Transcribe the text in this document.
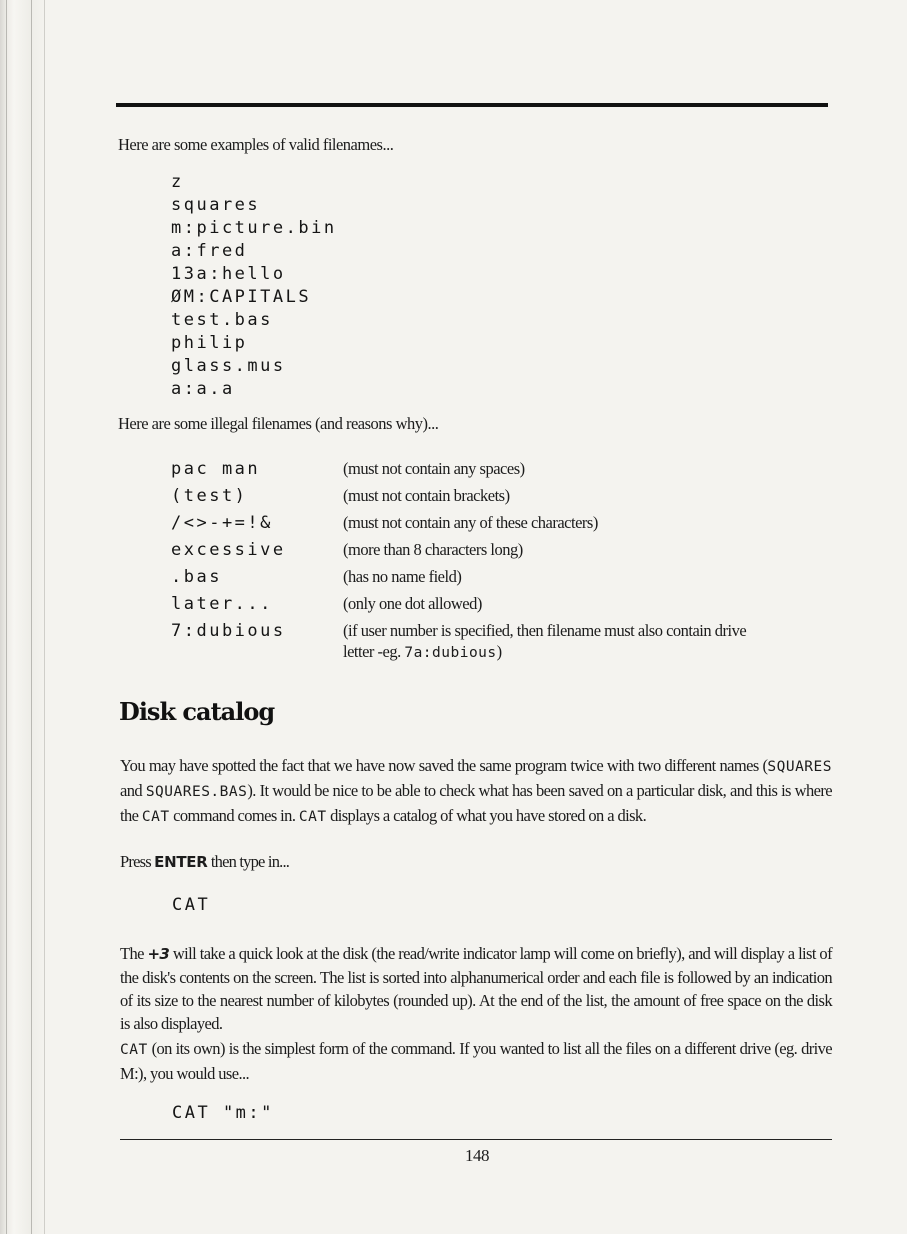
Here are some examples of valid filenames...
z
squares
m:picture.bin
a:fred
13a:hello
ØM:CAPITALS
test.bas
philip
glass.mus
a:a.a
Here are some illegal filenames (and reasons why)...
pac man	(must not contain any spaces)
(test)	(must not contain brackets)
/<>-+=!&	(must not contain any of these characters)
excessive	(more than 8 characters long)
.bas	(has no name field)
later...	(only one dot allowed)
7:dubious	(if user number is specified, then filename must also contain drive
letter -eg. 7a:dubious)
Disk catalog
You may have spotted the fact that we have now saved the same program twice with two different names (SQUARES and SQUARES.BAS). It would be nice to be able to check what has been saved on a particular disk, and this is where the CAT command comes in. CAT displays a catalog of what you have stored on a disk.
Press ENTER then type in...
CAT
The +3 will take a quick look at the disk (the read/write indicator lamp will come on briefly), and will display a list of the disk's contents on the screen. The list is sorted into alphanumerical order and each file is followed by an indication of its size to the nearest number of kilobytes (rounded up). At the end of the list, the amount of free space on the disk is also displayed.
CAT (on its own) is the simplest form of the command. If you wanted to list all the files on a different drive (eg. drive M:), you would use...
CAT "m:"
148
